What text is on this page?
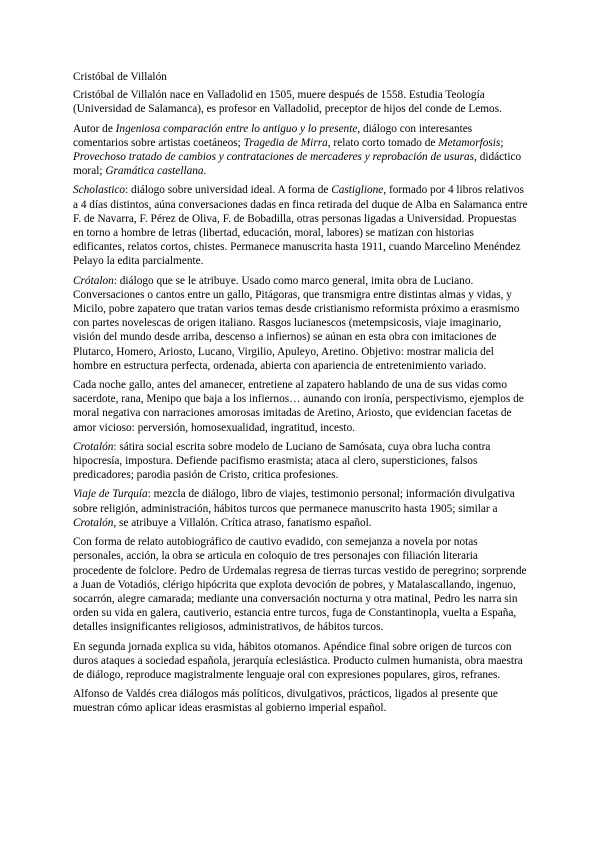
Cristóbal de Villalón

Cristóbal de Villalón nace en Valladolid en 1505, muere después de 1558. Estudia Teología (Universidad de Salamanca), es profesor en Valladolid, preceptor de hijos del conde de Lemos.

Autor de Ingeniosa comparación entre lo antiguo y lo presente, diálogo con interesantes comentarios sobre artistas coetáneos; Tragedia de Mirra, relato corto tomado de Metamorfosis; Provechoso tratado de cambios y contrataciones de mercaderes y reprobación de usuras, didáctico moral; Gramática castellana.

Scholastico: diálogo sobre universidad ideal. A forma de Castiglione, formado por 4 libros relativos a 4 días distintos, aúna conversaciones dadas en finca retirada del duque de Alba en Salamanca entre F. de Navarra, F. Pérez de Oliva, F. de Bobadilla, otras personas ligadas a Universidad. Propuestas en torno a hombre de letras (libertad, educación, moral, labores) se matizan con historias edificantes, relatos cortos, chistes. Permanece manuscrita hasta 1911, cuando Marcelino Menéndez Pelayo la edita parcialmente.

Crótalon: diálogo que se le atribuye. Usado como marco general, imita obra de Luciano. Conversaciones o cantos entre un gallo, Pitágoras, que transmigra entre distintas almas y vidas, y Micilo, pobre zapatero que tratan varios temas desde cristianismo reformista próximo a erasmismo con partes novelescas de origen italiano. Rasgos lucianescos (metempsicosis, viaje imaginario, visión del mundo desde arriba, descenso a infiernos) se aúnan en esta obra con imitaciones de Plutarco, Homero, Ariosto, Lucano, Virgilio, Apuleyo, Aretino. Objetivo: mostrar malicia del hombre en estructura perfecta, ordenada, abierta con apariencia de entretenimiento variado.

Cada noche gallo, antes del amanecer, entretiene al zapatero hablando de una de sus vidas como sacerdote, rana, Menipo que baja a los infiernos… aunando con ironía, perspectivismo, ejemplos de moral negativa con narraciones amorosas imitadas de Aretino, Ariosto, que evidencian facetas de amor vicioso: perversión, homosexualidad, ingratitud, incesto.

Crotalón: sátira social escrita sobre modelo de Luciano de Samósata, cuya obra lucha contra hipocresía, impostura. Defiende pacifismo erasmista; ataca al clero, supersticiones, falsos predicadores; parodia pasión de Cristo, critica profesiones.

Viaje de Turquía: mezcla de diálogo, libro de viajes, testimonio personal; información divulgativa sobre religión, administración, hábitos turcos que permanece manuscrito hasta 1905; similar a Crotalón, se atribuye a Villalón. Crítica atraso, fanatismo español.

Con forma de relato autobiográfico de cautivo evadido, con semejanza a novela por notas personales, acción, la obra se articula en coloquio de tres personajes con filiación literaria procedente de folclore. Pedro de Urdemalas regresa de tierras turcas vestido de peregrino; sorprende a Juan de Votadiós, clérigo hipócrita que explota devoción de pobres, y Matalascallando, ingenuo, socarrón, alegre camarada; mediante una conversación nocturna y otra matinal, Pedro les narra sin orden su vida en galera, cautiverio, estancia entre turcos, fuga de Constantinopla, vuelta a España, detalles insignificantes religiosos, administrativos, de hábitos turcos.

En segunda jornada explica su vida, hábitos otomanos. Apéndice final sobre origen de turcos con duros ataques a sociedad española, jerarquía eclesiástica. Producto culmen humanista, obra maestra de diálogo, reproduce magistralmente lenguaje oral con expresiones populares, giros, refranes.

Alfonso de Valdés crea diálogos más políticos, divulgativos, prácticos, ligados al presente que muestran cómo aplicar ideas erasmistas al gobierno imperial español.
